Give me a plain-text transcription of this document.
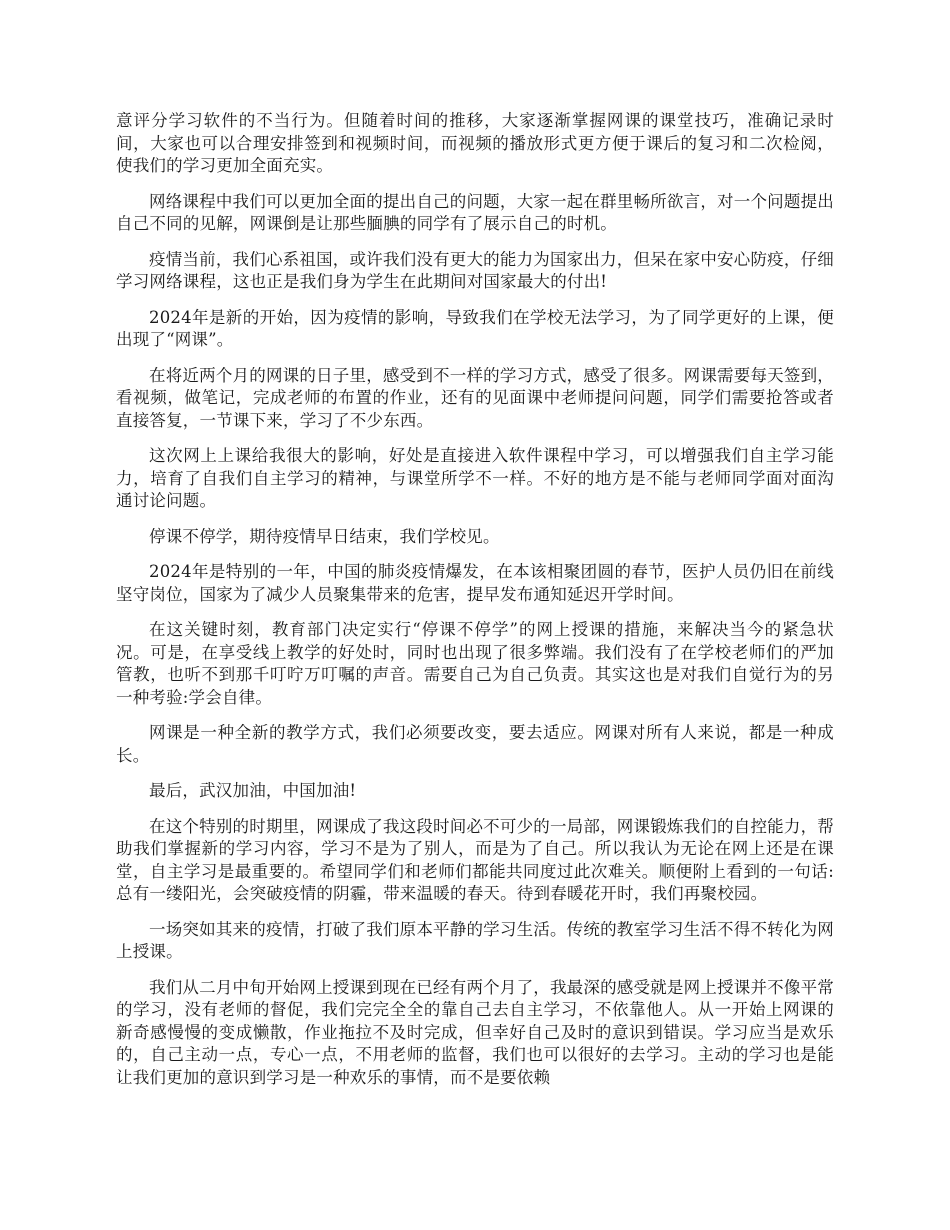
意评分学习软件的不当行为。但随着时间的推移，大家逐渐掌握网课的课堂技巧，准确记录时间，大家也可以合理安排签到和视频时间，而视频的播放形式更方便于课后的复习和二次检阅，使我们的学习更加全面充实。

网络课程中我们可以更加全面的提出自己的问题，大家一起在群里畅所欲言，对一个问题提出自己不同的见解，网课倒是让那些腼腆的同学有了展示自己的时机。

疫情当前，我们心系祖国，或许我们没有更大的能力为国家出力，但呆在家中安心防疫，仔细学习网络课程，这也正是我们身为学生在此期间对国家最大的付出!

2024年是新的开始，因为疫情的影响，导致我们在学校无法学习，为了同学更好的上课，便出现了“网课”。

在将近两个月的网课的日子里，感受到不一样的学习方式，感受了很多。网课需要每天签到，看视频，做笔记，完成老师的布置的作业，还有的见面课中老师提问问题，同学们需要抢答或者直接答复，一节课下来，学习了不少东西。

这次网上上课给我很大的影响，好处是直接进入软件课程中学习，可以增强我们自主学习能力，培育了自我们自主学习的精神，与课堂所学不一样。不好的地方是不能与老师同学面对面沟通讨论问题。

停课不停学，期待疫情早日结束，我们学校见。

2024年是特别的一年，中国的肺炎疫情爆发，在本该相聚团圆的春节，医护人员仍旧在前线坚守岗位，国家为了减少人员聚集带来的危害，提早发布通知延迟开学时间。

在这关键时刻，教育部门决定实行“停课不停学”的网上授课的措施，来解决当今的紧急状况。可是，在享受线上教学的好处时，同时也出现了很多弊端。我们没有了在学校老师们的严加管教，也听不到那千叮咛万叮嘱的声音。需要自己为自己负责。其实这也是对我们自觉行为的另一种考验:学会自律。

网课是一种全新的教学方式，我们必须要改变，要去适应。网课对所有人来说，都是一种成长。

最后，武汉加油，中国加油!

在这个特别的时期里，网课成了我这段时间必不可少的一局部，网课锻炼我们的自控能力，帮助我们掌握新的学习内容，学习不是为了别人，而是为了自己。所以我认为无论在网上还是在课堂，自主学习是最重要的。希望同学们和老师们都能共同度过此次难关。顺便附上看到的一句话:总有一缕阳光，会突破疫情的阴霾，带来温暖的春天。待到春暖花开时，我们再聚校园。

一场突如其来的疫情，打破了我们原本平静的学习生活。传统的教室学习生活不得不转化为网上授课。

我们从二月中旬开始网上授课到现在已经有两个月了，我最深的感受就是网上授课并不像平常的学习，没有老师的督促，我们完完全全的靠自己去自主学习，不依靠他人。从一开始上网课的新奇感慢慢的变成懒散，作业拖拉不及时完成，但幸好自己及时的意识到错误。学习应当是欢乐的，自己主动一点，专心一点，不用老师的监督，我们也可以很好的去学习。主动的学习也是能让我们更加的意识到学习是一种欢乐的事情，而不是要依赖
